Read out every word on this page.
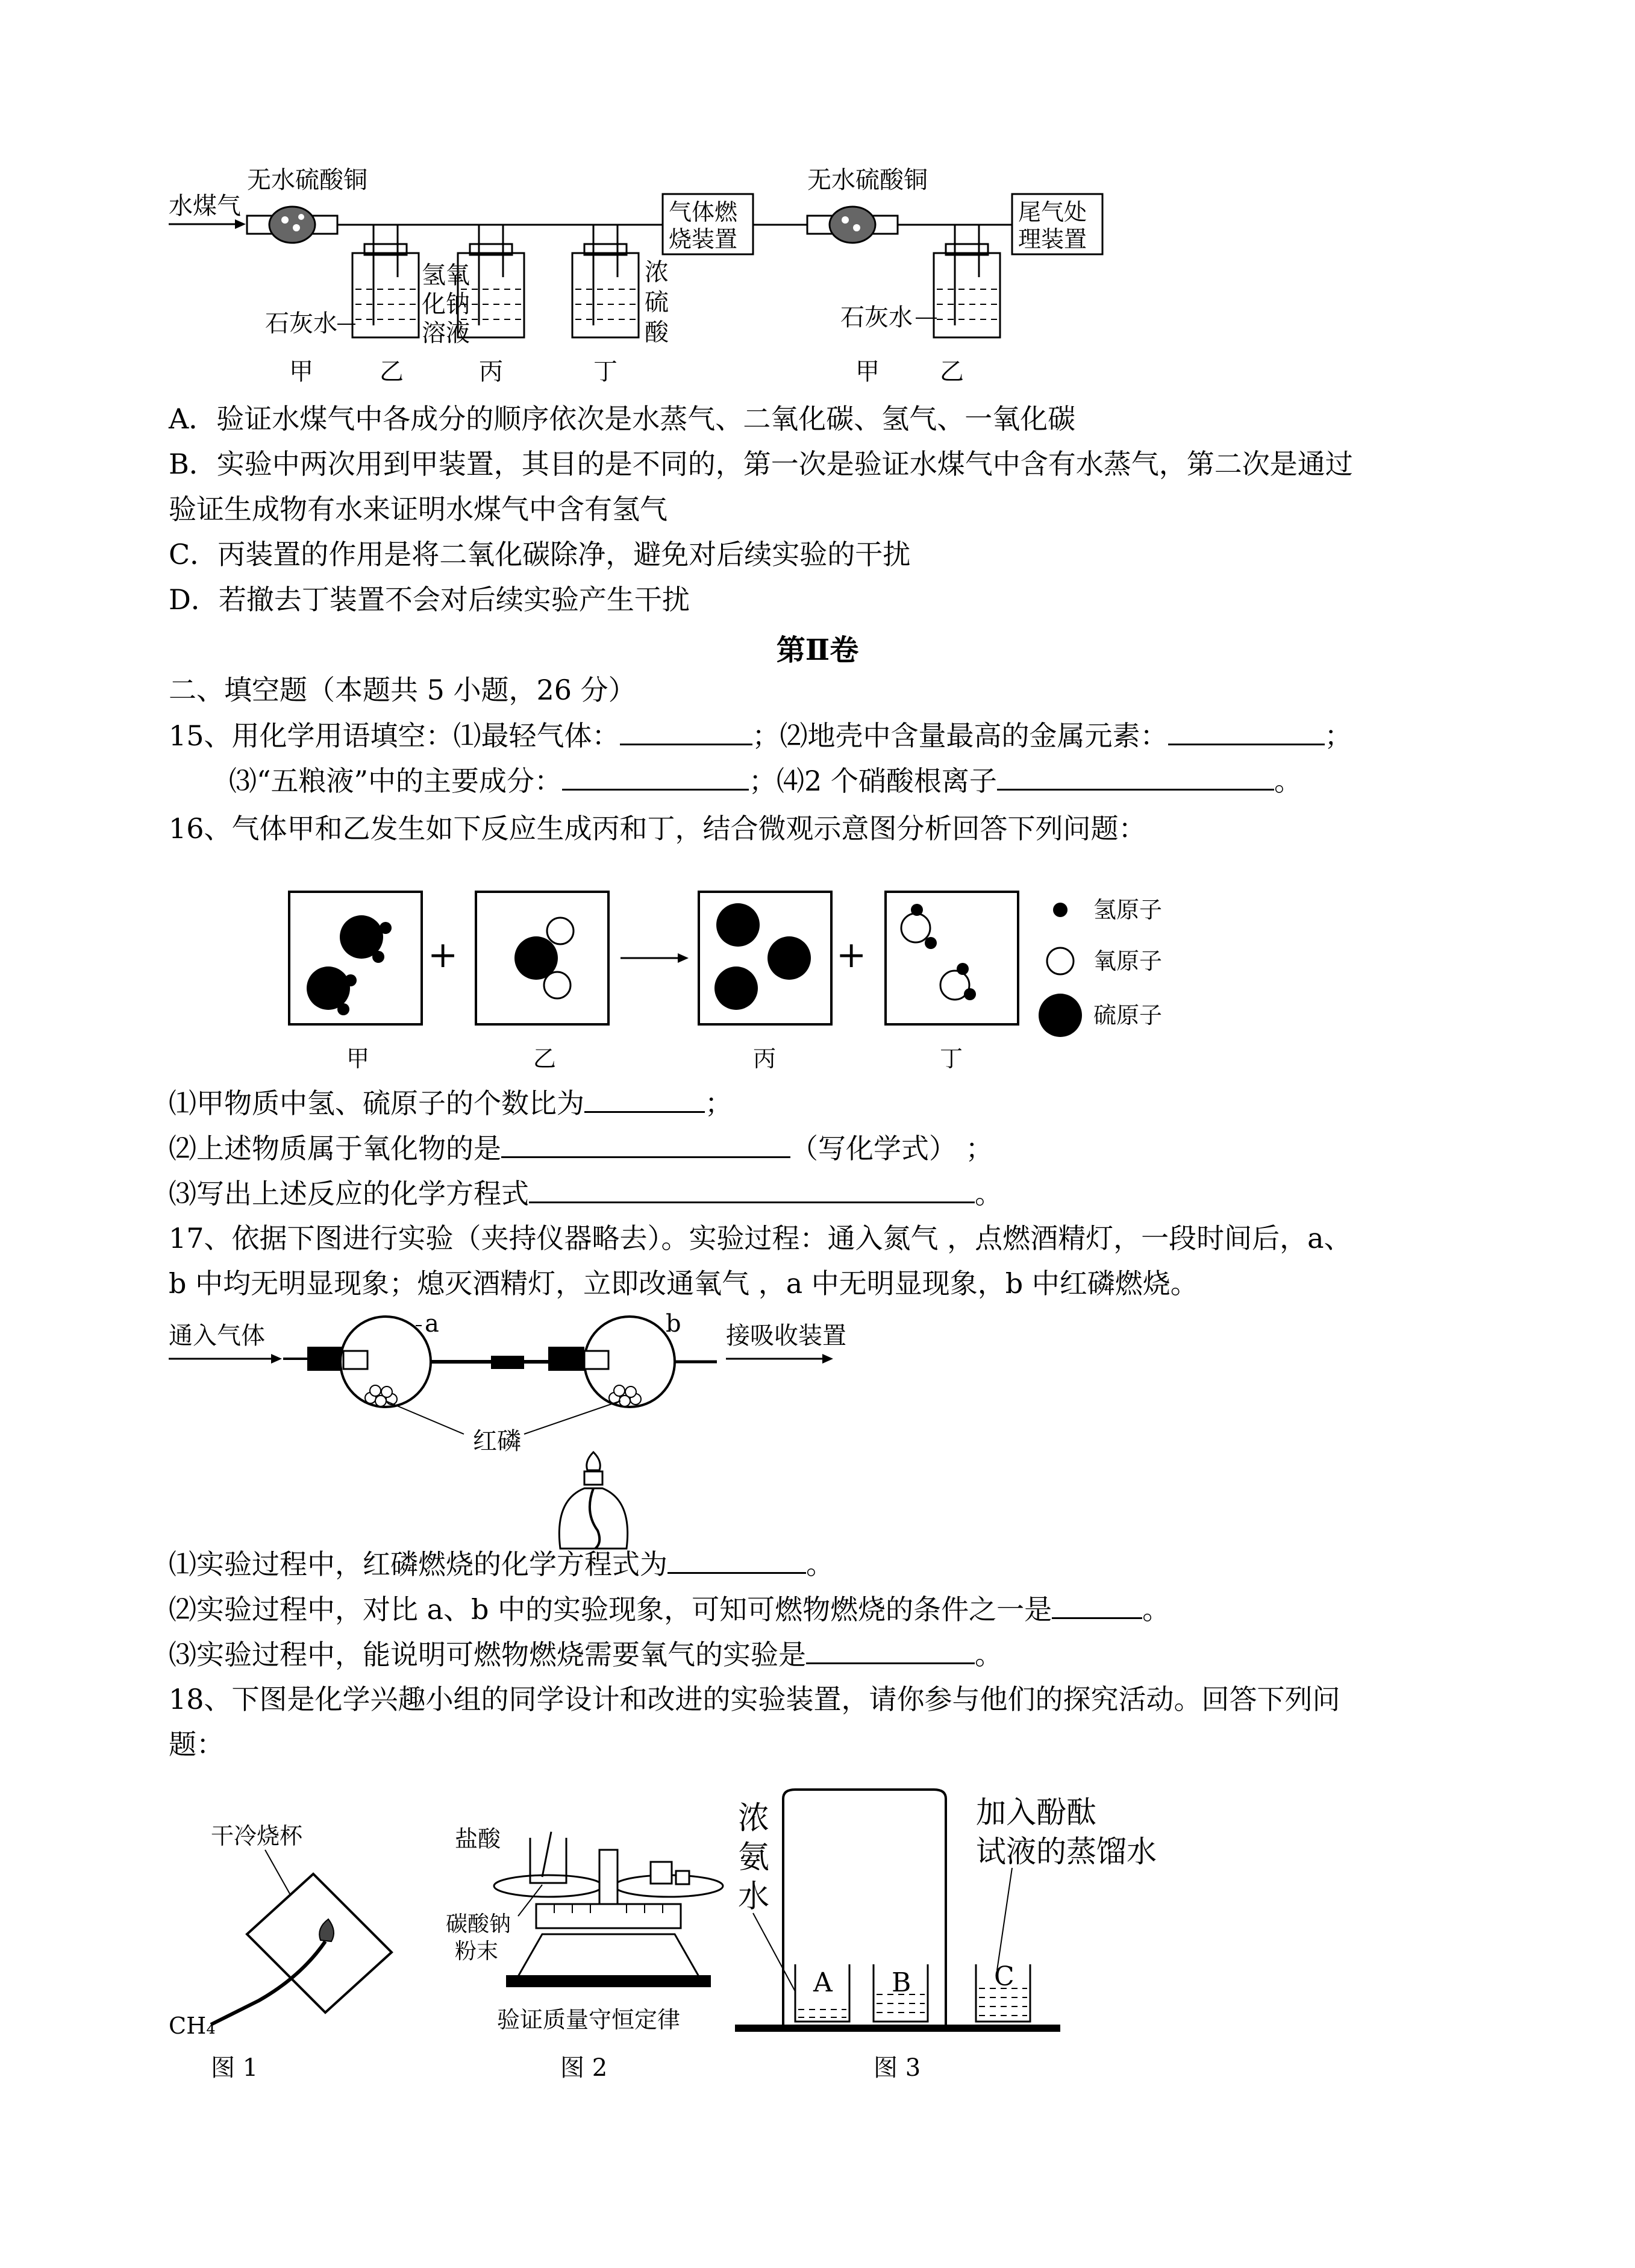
水煤气
无水硫酸铜
石灰水
氢氧
化钠
溶液
浓
硫
酸
气体燃
烧装置
无水硫酸铜
石灰水
尾气处
理装置
甲	乙	丙	丁	甲	乙
A．验证水煤气中各成分的顺序依次是水蒸气、二氧化碳、氢气、一氧化碳
B．实验中两次用到甲装置，其目的是不同的，第一次是验证水煤气中含有水蒸气，第二次是通过
验证生成物有水来证明水煤气中含有氢气
C．丙装置的作用是将二氧化碳除净，避免对后续实验的干扰
D．若撤去丁装置不会对后续实验产生干扰
第Ⅱ卷
二、填空题（本题共 5 小题，26 分）
15、用化学用语填空：⑴最轻气体：	；⑵地壳中含量最高的金属元素：	；
⑶“五粮液”中的主要成分：	；⑷2 个硝酸根离子	。
16、气体甲和乙发生如下反应生成丙和丁，结合微观示意图分析回答下列问题：
+	+
氢原子
氧原子
硫原子
甲	乙	丙	丁
⑴甲物质中氢、硫原子的个数比为	；
⑵上述物质属于氧化物的是	（写化学式） ；
⑶写出上述反应的化学方程式	。
17、依据下图进行实验（夹持仪器略去）。实验过程：通入氮气 ，点燃酒精灯，一段时间后，a、
b 中均无明显现象；熄灭酒精灯，立即改通氧气 ，a 中无明显现象，b 中红磷燃烧。
通入气体	a	b 接吸收装置
红磷
⑴实验过程中，红磷燃烧的化学方程式为	。
⑵实验过程中，对比 a、b 中的实验现象，可知可燃物燃烧的条件之一是	。
⑶实验过程中，能说明可燃物燃烧需要氧气的实验是	。
18、下图是化学兴趣小组的同学设计和改进的实验装置，请你参与他们的探究活动。回答下列问
题：
干冷烧杯
CH₄
盐酸
碳酸钠
粉末
验证质量守恒定律
浓
氨
水
加入酚酞
试液的蒸馏水
A B	C
图 1	图 2	图 3
